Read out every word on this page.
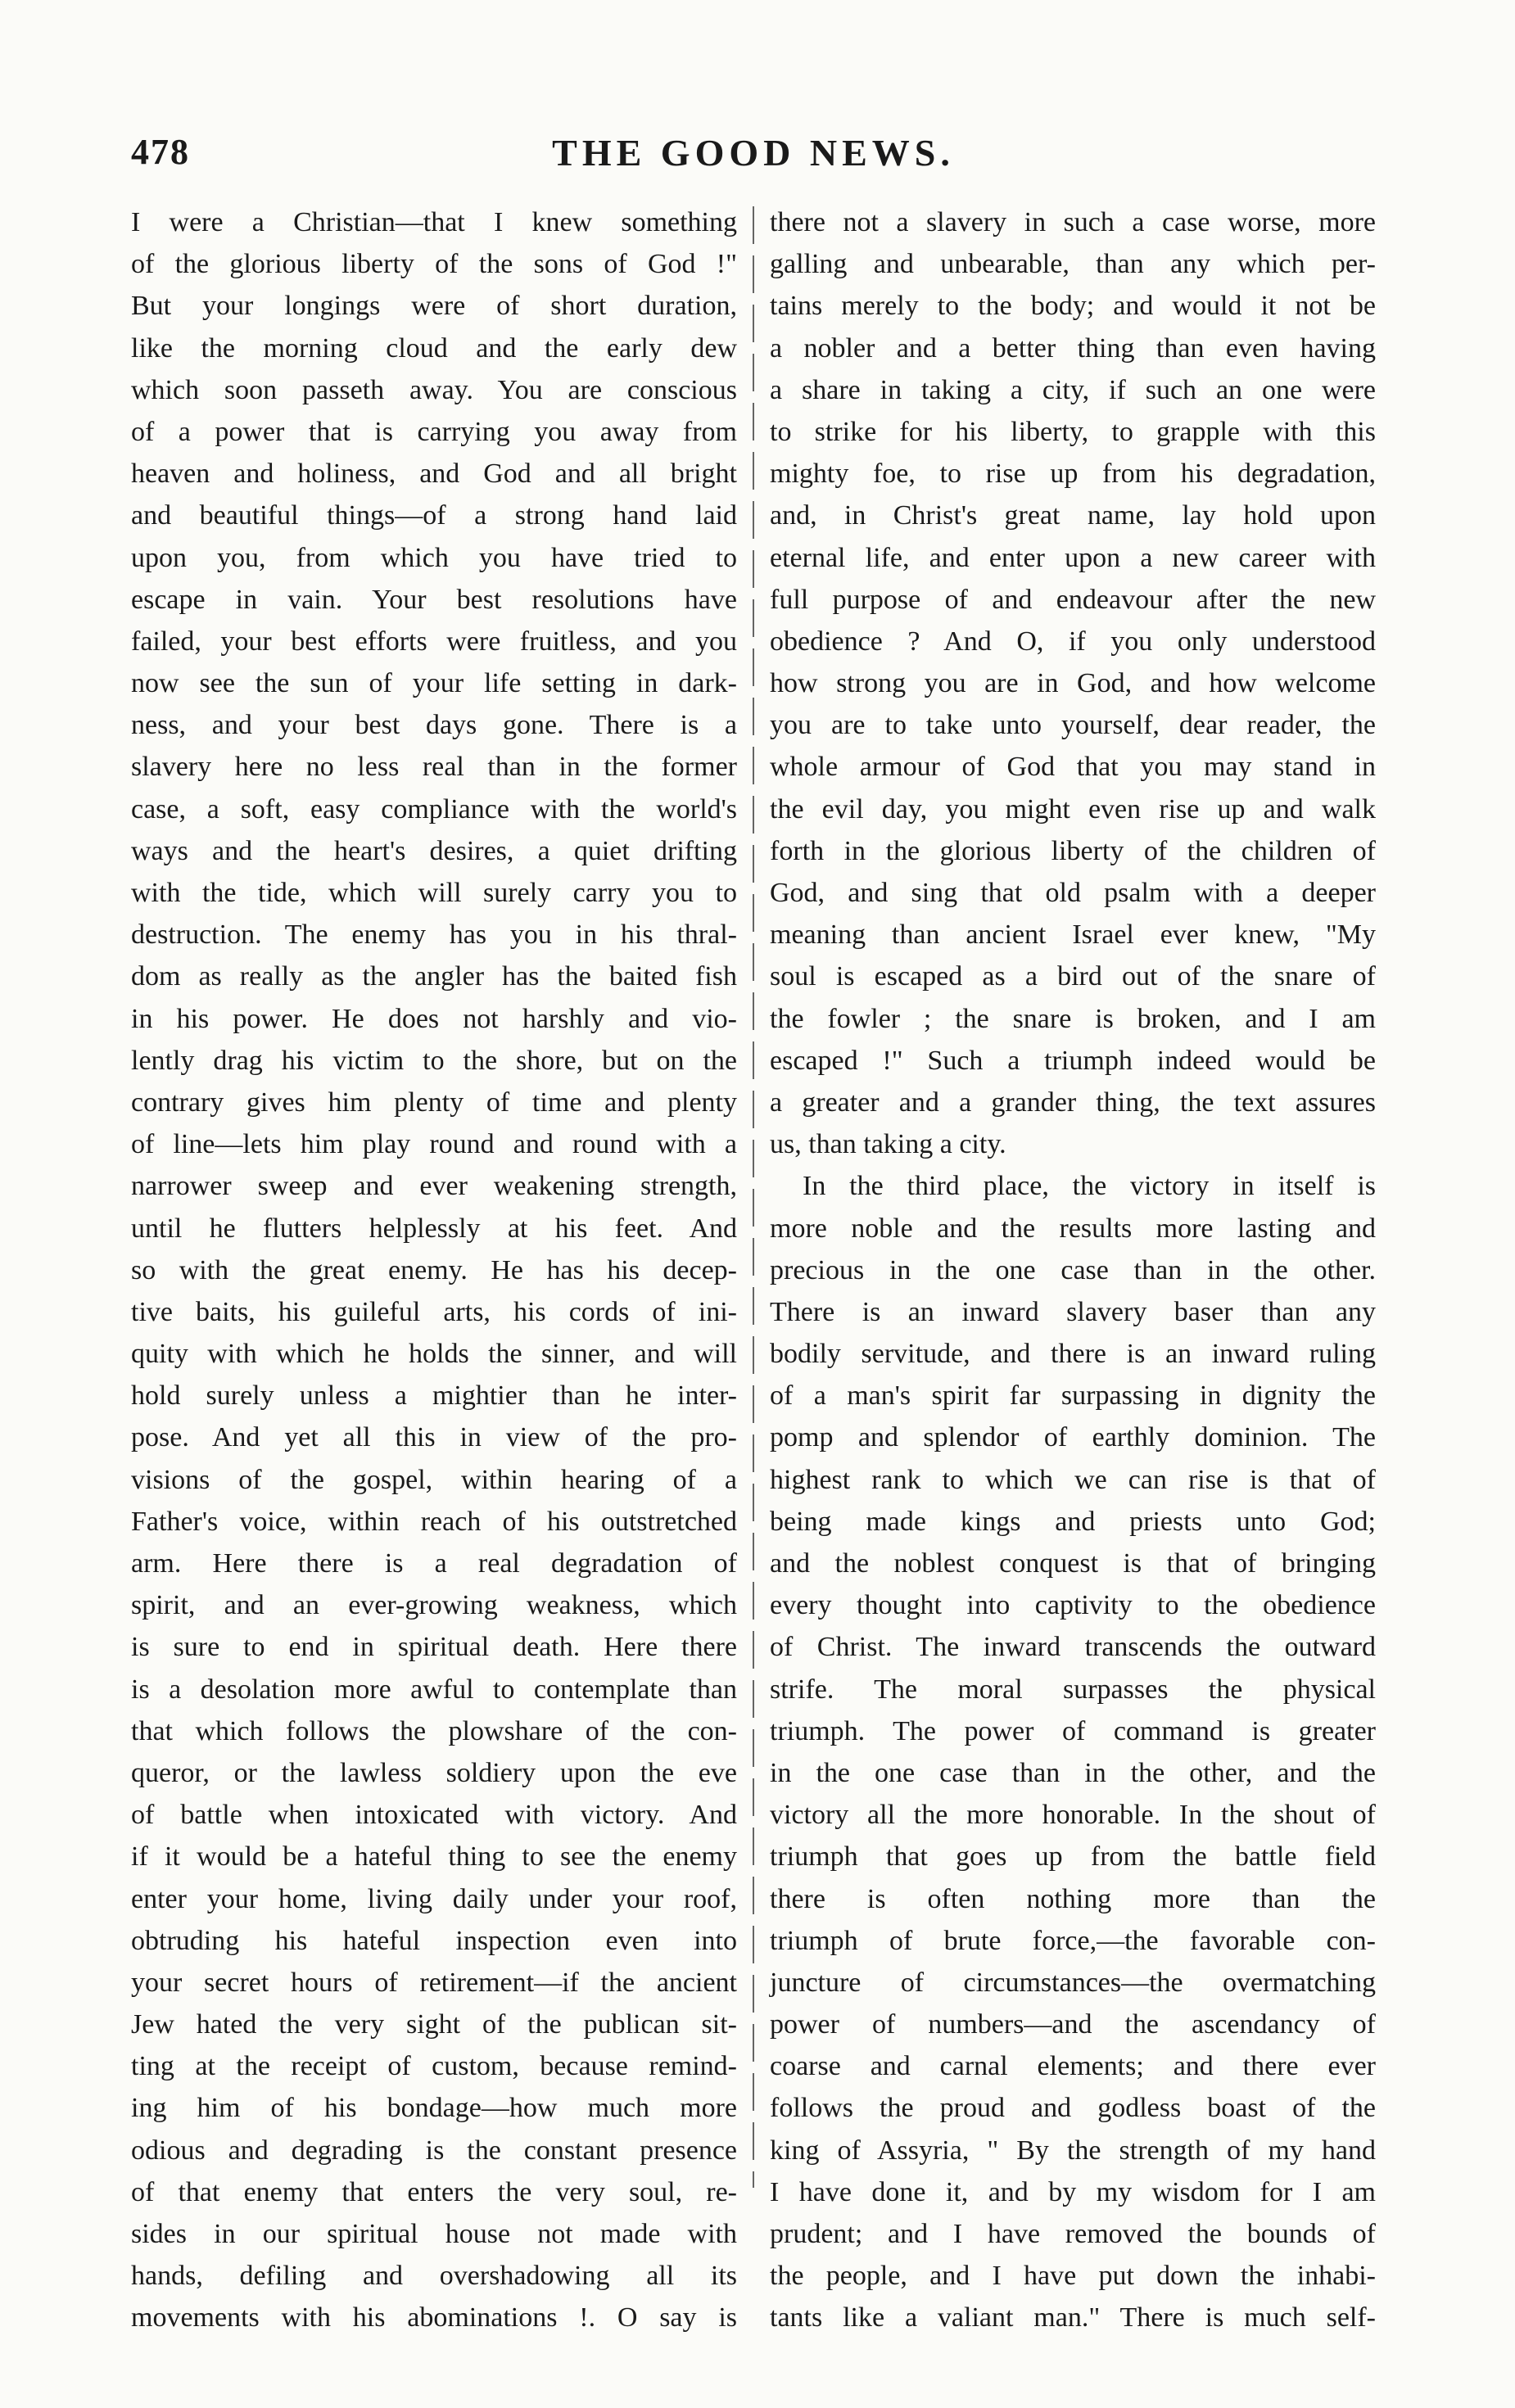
478	THE GOOD NEWS.
I were a Christian—that I knew something
of the glorious liberty of the sons of God !"
But your longings were of short duration,
like the morning cloud and the early dew
which soon passeth away. You are conscious
of a power that is carrying you away from
heaven and holiness, and God and all bright
and beautiful things—of a strong hand laid
upon you, from which you have tried to
escape in vain. Your best resolutions have
failed, your best efforts were fruitless, and you
now see the sun of your life setting in dark-
ness, and your best days gone. There is a
slavery here no less real than in the former
case, a soft, easy compliance with the world's
ways and the heart's desires, a quiet drifting
with the tide, which will surely carry you to
destruction. The enemy has you in his thral-
dom as really as the angler has the baited fish
in his power. He does not harshly and vio-
lently drag his victim to the shore, but on the
contrary gives him plenty of time and plenty
of line—lets him play round and round with a
narrower sweep and ever weakening strength,
until he flutters helplessly at his feet. And
so with the great enemy. He has his decep-
tive baits, his guileful arts, his cords of ini-
quity with which he holds the sinner, and will
hold surely unless a mightier than he inter-
pose. And yet all this in view of the pro-
visions of the gospel, within hearing of a
Father's voice, within reach of his outstretched
arm. Here there is a real degradation of
spirit, and an ever-growing weakness, which
is sure to end in spiritual death. Here there
is a desolation more awful to contemplate than
that which follows the plowshare of the con-
queror, or the lawless soldiery upon the eve
of battle when intoxicated with victory. And
if it would be a hateful thing to see the enemy
enter your home, living daily under your roof,
obtruding his hateful inspection even into
your secret hours of retirement—if the ancient
Jew hated the very sight of the publican sit-
ting at the receipt of custom, because remind-
ing him of his bondage—how much more
odious and degrading is the constant presence
of that enemy that enters the very soul, re-
sides in our spiritual house not made with
hands, defiling and overshadowing all its
movements with his abominations !. O say is
there not a slavery in such a case worse, more
galling and unbearable, than any which per-
tains merely to the body; and would it not be
a nobler and a better thing than even having
a share in taking a city, if such an one were
to strike for his liberty, to grapple with this
mighty foe, to rise up from his degradation,
and, in Christ's great name, lay hold upon
eternal life, and enter upon a new career with
full purpose of and endeavour after the new
obedience ? And O, if you only understood
how strong you are in God, and how welcome
you are to take unto yourself, dear reader, the
whole armour of God that you may stand in
the evil day, you might even rise up and walk
forth in the glorious liberty of the children of
God, and sing that old psalm with a deeper
meaning than ancient Israel ever knew, "My
soul is escaped as a bird out of the snare of
the fowler ; the snare is broken, and I am
escaped !" Such a triumph indeed would be
a greater and a grander thing, the text assures
us, than taking a city.
In the third place, the victory in itself is
more noble and the results more lasting and
precious in the one case than in the other.
There is an inward slavery baser than any
bodily servitude, and there is an inward ruling
of a man's spirit far surpassing in dignity the
pomp and splendor of earthly dominion. The
highest rank to which we can rise is that of
being made kings and priests unto God;
and the noblest conquest is that of bringing
every thought into captivity to the obedience
of Christ. The inward transcends the outward
strife. The moral surpasses the physical
triumph. The power of command is greater
in the one case than in the other, and the
victory all the more honorable. In the shout of
triumph that goes up from the battle field
there is often nothing more than the
triumph of brute force,—the favorable con-
juncture of circumstances—the overmatching
power of numbers—and the ascendancy of
coarse and carnal elements; and there ever
follows the proud and godless boast of the
king of Assyria, " By the strength of my hand
I have done it, and by my wisdom for I am
prudent; and I have removed the bounds of
the people, and I have put down the inhabi-
tants like a valiant man." There is much self-
